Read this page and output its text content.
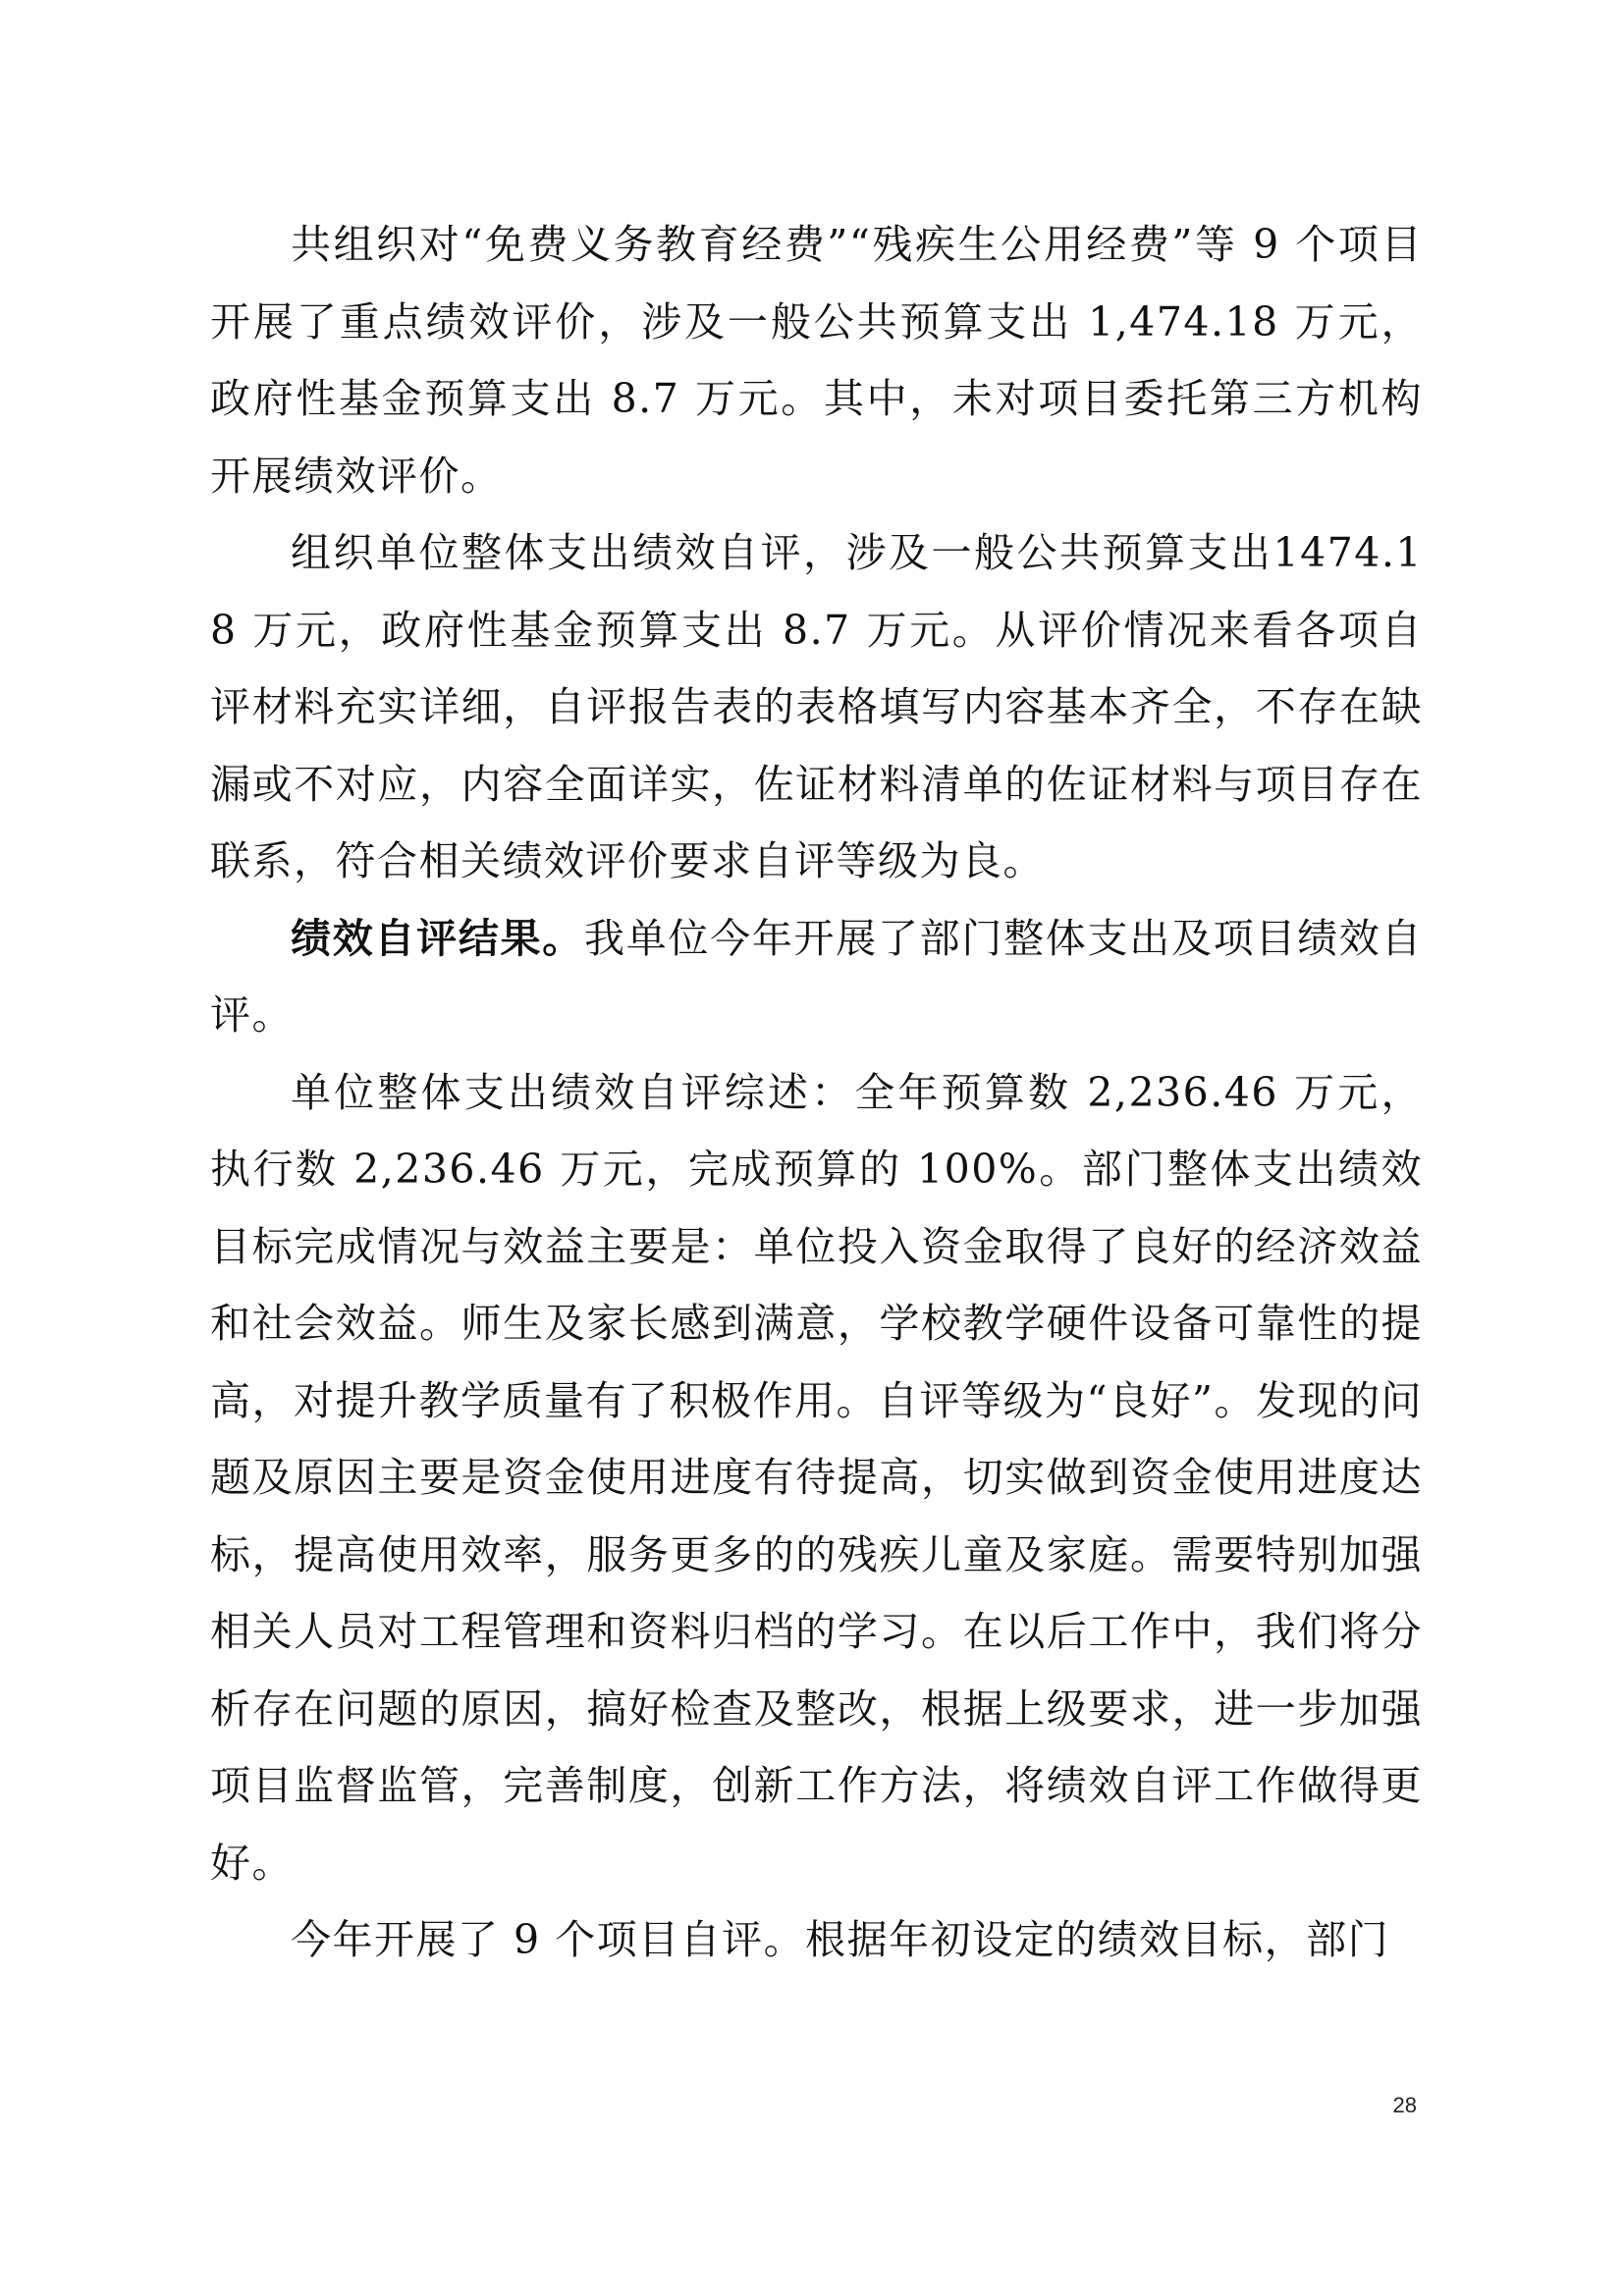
共组织对“免费义务教育经费”“残疾生公用经费”等 9 个项目开展了重点绩效评价，涉及一般公共预算支出 1,474.18 万元，政府性基金预算支出 8.7 万元。其中，未对项目委托第三方机构开展绩效评价。

组织单位整体支出绩效自评，涉及一般公共预算支出1474.18 万元，政府性基金预算支出 8.7 万元。从评价情况来看各项自评材料充实详细，自评报告表的表格填写内容基本齐全，不存在缺漏或不对应，内容全面详实，佐证材料清单的佐证材料与项目存在联系，符合相关绩效评价要求自评等级为良。

绩效自评结果。我单位今年开展了部门整体支出及项目绩效自评。

单位整体支出绩效自评综述：全年预算数 2,236.46 万元，执行数 2,236.46 万元，完成预算的 100%。部门整体支出绩效目标完成情况与效益主要是：单位投入资金取得了良好的经济效益和社会效益。师生及家长感到满意，学校教学硬件设备可靠性的提高，对提升教学质量有了积极作用。自评等级为“良好”。发现的问题及原因主要是资金使用进度有待提高，切实做到资金使用进度达标，提高使用效率，服务更多的的残疾儿童及家庭。需要特别加强相关人员对工程管理和资料归档的学习。在以后工作中，我们将分析存在问题的原因，搞好检查及整改，根据上级要求，进一步加强项目监督监管，完善制度，创新工作方法，将绩效自评工作做得更好。

今年开展了 9 个项目自评。根据年初设定的绩效目标，部门

28
